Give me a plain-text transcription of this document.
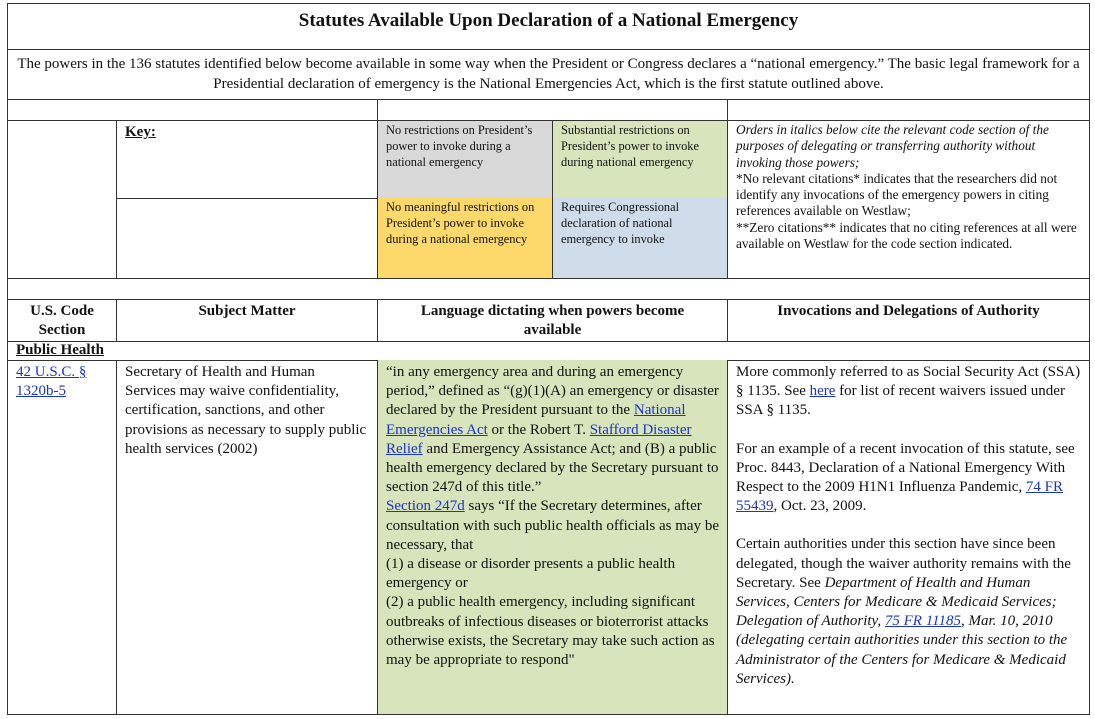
Statutes Available Upon Declaration of a National Emergency
The powers in the 136 statutes identified below become available in some way when the President or Congress declares a “national emergency.” The basic legal framework for a Presidential declaration of emergency is the National Emergencies Act, which is the first statute outlined above.
Key:	No restrictions on President’s power to invoke during a national emergency
Substantial restrictions on President’s power to invoke during national emergency
No meaningful restrictions on President’s power to invoke during a national emergency
Requires Congressional declaration of national emergency to invoke
Orders in italics below cite the relevant code section of the purposes of delegating or transferring authority without invoking those powers;
*No relevant citations* indicates that the researchers did not identify any invocations of the emergency powers in citing references available on Westlaw;
**Zero citations** indicates that no citing references at all were available on Westlaw for the code section indicated.
U.S. Code Section
Subject Matter	Language dictating when powers become available
Invocations and Delegations of Authority
Public Health
42 U.S.C. § 1320b-5
Secretary of Health and Human Services may waive confidentiality, certification, sanctions, and other provisions as necessary to supply public health services (2002)
“in any emergency area and during an emergency period,” defined as “(g)(1)(A) an emergency or disaster declared by the President pursuant to the National Emergencies Act or the Robert T. Stafford Disaster Relief and Emergency Assistance Act; and (B) a public health emergency declared by the Secretary pursuant to section 247d of this title.”
Section 247d says “If the Secretary determines, after consultation with such public health officials as may be necessary, that
(1) a disease or disorder presents a public health emergency or
(2) a public health emergency, including significant outbreaks of infectious diseases or bioterrorist attacks otherwise exists, the Secretary may take such action as may be appropriate to respond"
More commonly referred to as Social Security Act (SSA) § 1135. See here for list of recent waivers issued under SSA § 1135.
For an example of a recent invocation of this statute, see Proc. 8443, Declaration of a National Emergency With Respect to the 2009 H1N1 Influenza Pandemic, 74 FR 55439, Oct. 23, 2009.
Certain authorities under this section have since been delegated, though the waiver authority remains with the Secretary. See Department of Health and Human Services, Centers for Medicare & Medicaid Services; Delegation of Authority, 75 FR 11185, Mar. 10, 2010 (delegating certain authorities under this section to the Administrator of the Centers for Medicare & Medicaid Services).
